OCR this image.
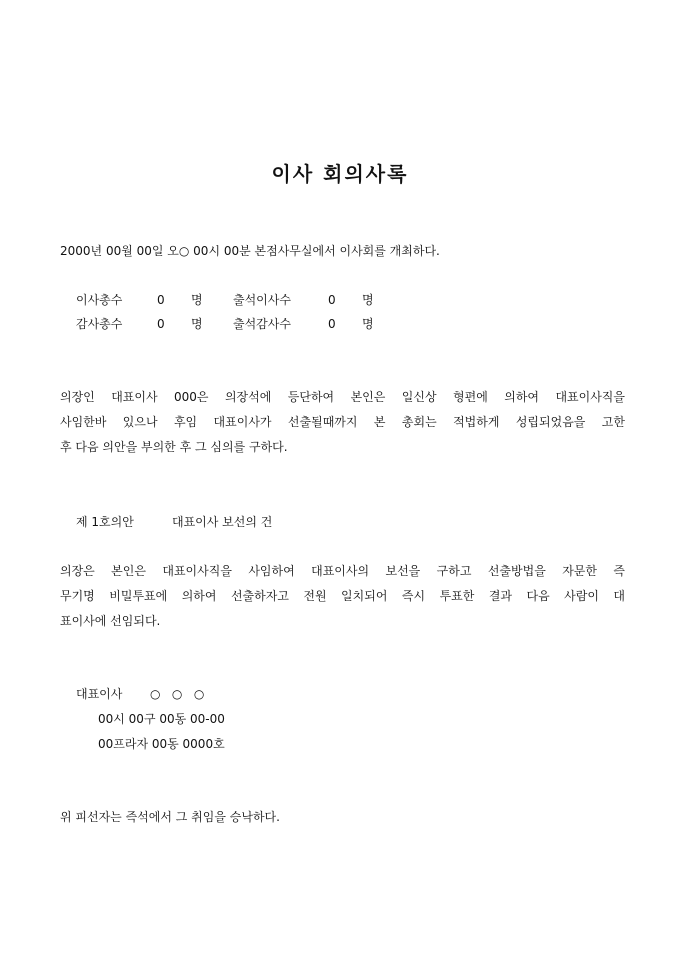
이사 회의사록
2000년 00월 00일 오○ 00시 00분 본점사무실에서 이사회를 개최하다.
이사총수	0 명	출석이사수	0 명
감사총수	0 명	출석감사수	0 명
의장인 대표이사 000은 의장석에 등단하여 본인은 일신상 형편에 의하여 대표이사직을
사임한바 있으나 후임 대표이사가 선출될때까지 본 총회는 적법하게 성립되었음을 고한
후 다음 의안을 부의한 후 그 심의를 구하다.
제 1호의안	대표이사 보선의 건
의장은 본인은 대표이사직을 사임하여 대표이사의 보선을 구하고 선출방법을 자문한 즉
무기명 비밀투표에 의하여 선출하자고 전원 일치되어 즉시 투표한 결과 다음 사람이 대
표이사에 선임되다.
대표이사 ○   ○   ○
00시 00구 00동 00-00
00프라자 00동 0000호
위 피선자는 즉석에서 그 취임을 승낙하다.
